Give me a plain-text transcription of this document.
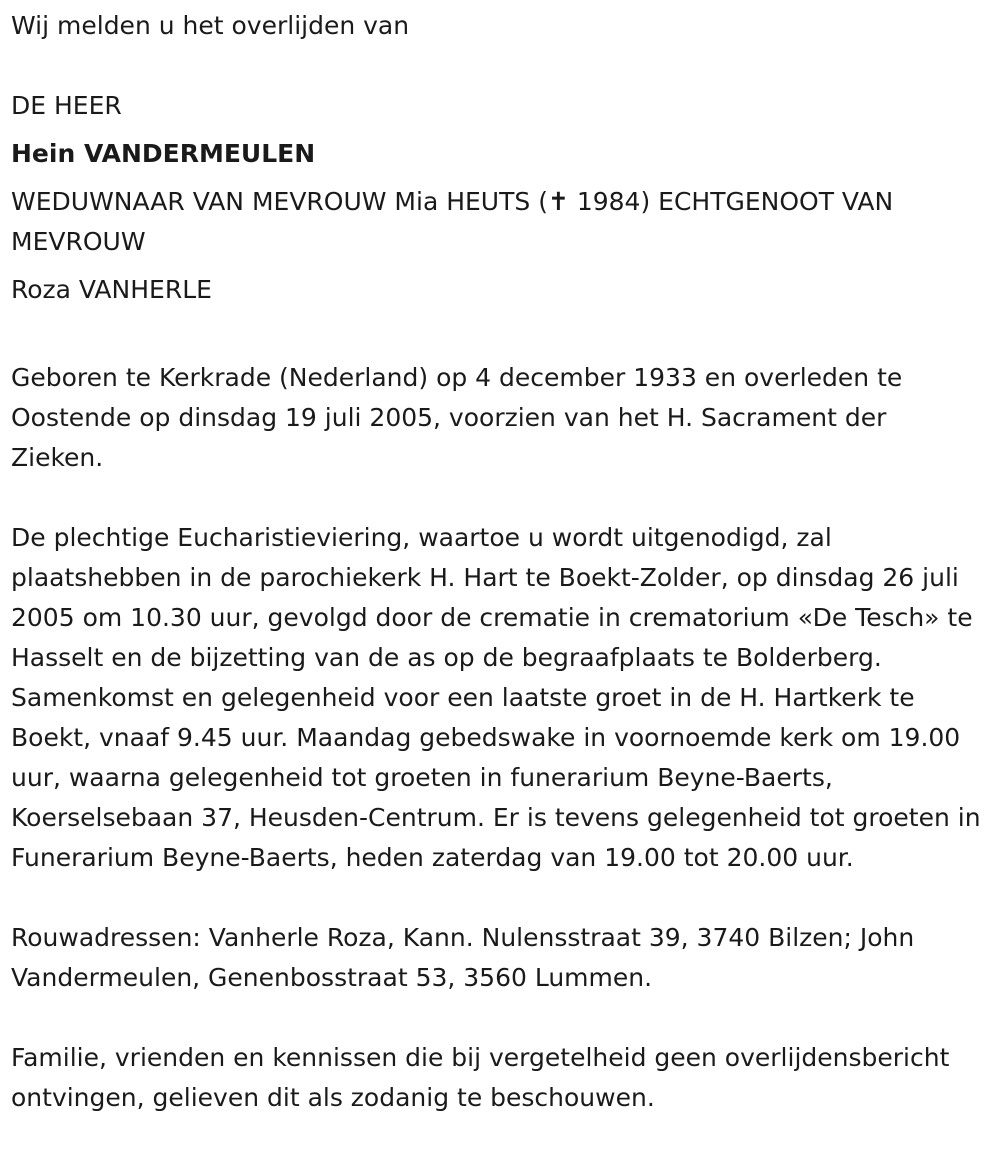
Wij melden u het overlijden van

DE HEER

Hein VANDERMEULEN

WEDUWNAAR VAN MEVROUW Mia HEUTS (✝ 1984) ECHTGENOOT VAN MEVROUW

Roza VANHERLE

Geboren te Kerkrade (Nederland) op 4 december 1933 en overleden te Oostende op dinsdag 19 juli 2005, voorzien van het H. Sacrament der Zieken.

De plechtige Eucharistieviering, waartoe u wordt uitgenodigd, zal plaatshebben in de parochiekerk H. Hart te Boekt-Zolder, op dinsdag 26 juli 2005 om 10.30 uur, gevolgd door de crematie in crematorium «De Tesch» te Hasselt en de bijzetting van de as op de begraafplaats te Bolderberg. Samenkomst en gelegenheid voor een laatste groet in de H. Hartkerk te Boekt, vnaaf 9.45 uur. Maandag gebedswake in voornoemde kerk om 19.00 uur, waarna gelegenheid tot groeten in funerarium Beyne-Baerts, Koerselsebaan 37, Heusden-Centrum. Er is tevens gelegenheid tot groeten in Funerarium Beyne-Baerts, heden zaterdag van 19.00 tot 20.00 uur.

Rouwadressen: Vanherle Roza, Kann. Nulensstraat 39, 3740 Bilzen; John Vandermeulen, Genenbosstraat 53, 3560 Lummen.

Familie, vrienden en kennissen die bij vergetelheid geen overlijdensbericht ontvingen, gelieven dit als zodanig te beschouwen.
